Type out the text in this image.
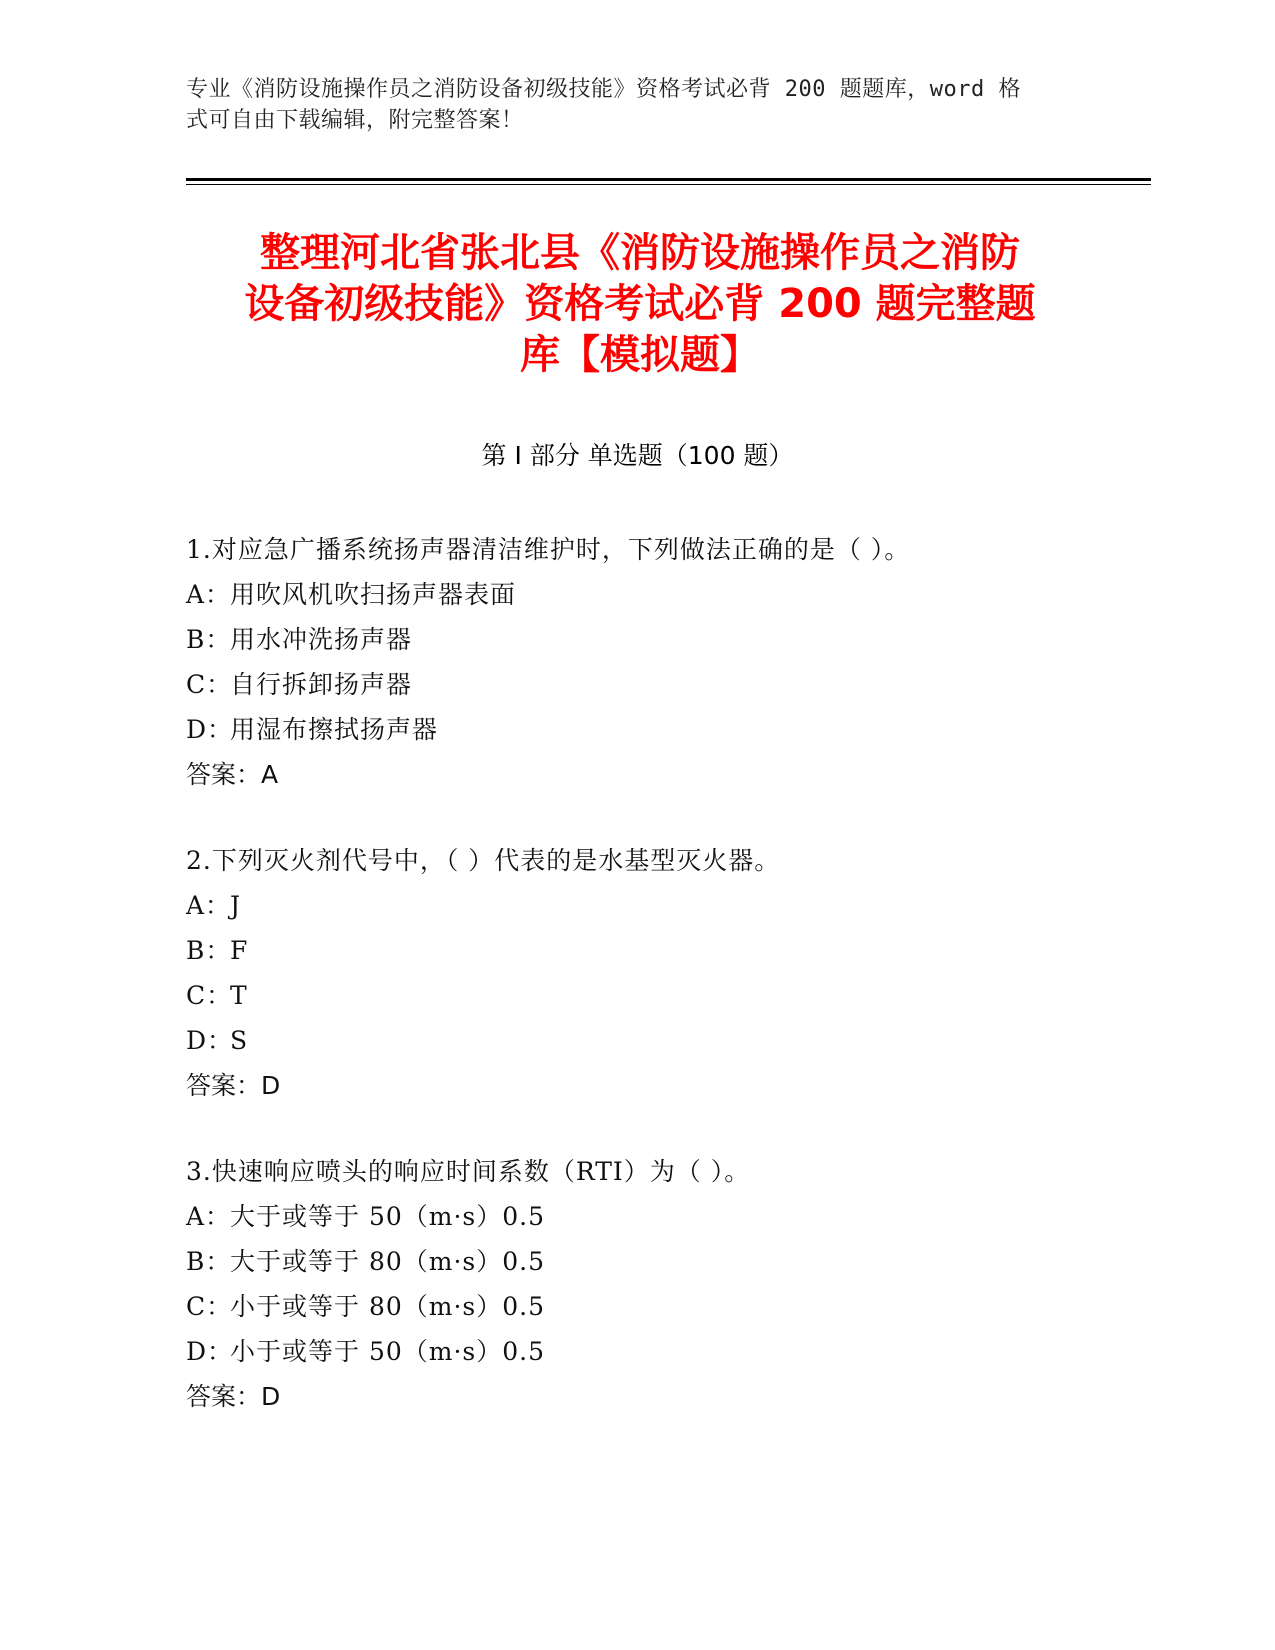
专业《消防设施操作员之消防设备初级技能》资格考试必背 200 题题库，word 格
式可自由下载编辑，附完整答案！
整理河北省张北县《消防设施操作员之消防
设备初级技能》资格考试必背 200 题完整题
库【模拟题】
第 I 部分 单选题（100 题）
1.对应急广播系统扬声器清洁维护时，下列做法正确的是（ ）。
A：用吹风机吹扫扬声器表面
B：用水冲洗扬声器
C：自行拆卸扬声器
D：用湿布擦拭扬声器
答案：A
2.下列灭火剂代号中，（ ）代表的是水基型灭火器。
A：J
B：F
C：T
D：S
答案：D
3.快速响应喷头的响应时间系数（RTI）为（ ）。
A：大于或等于 50（m·s）0.5
B：大于或等于 80（m·s）0.5
C：小于或等于 80（m·s）0.5
D：小于或等于 50（m·s）0.5
答案：D
